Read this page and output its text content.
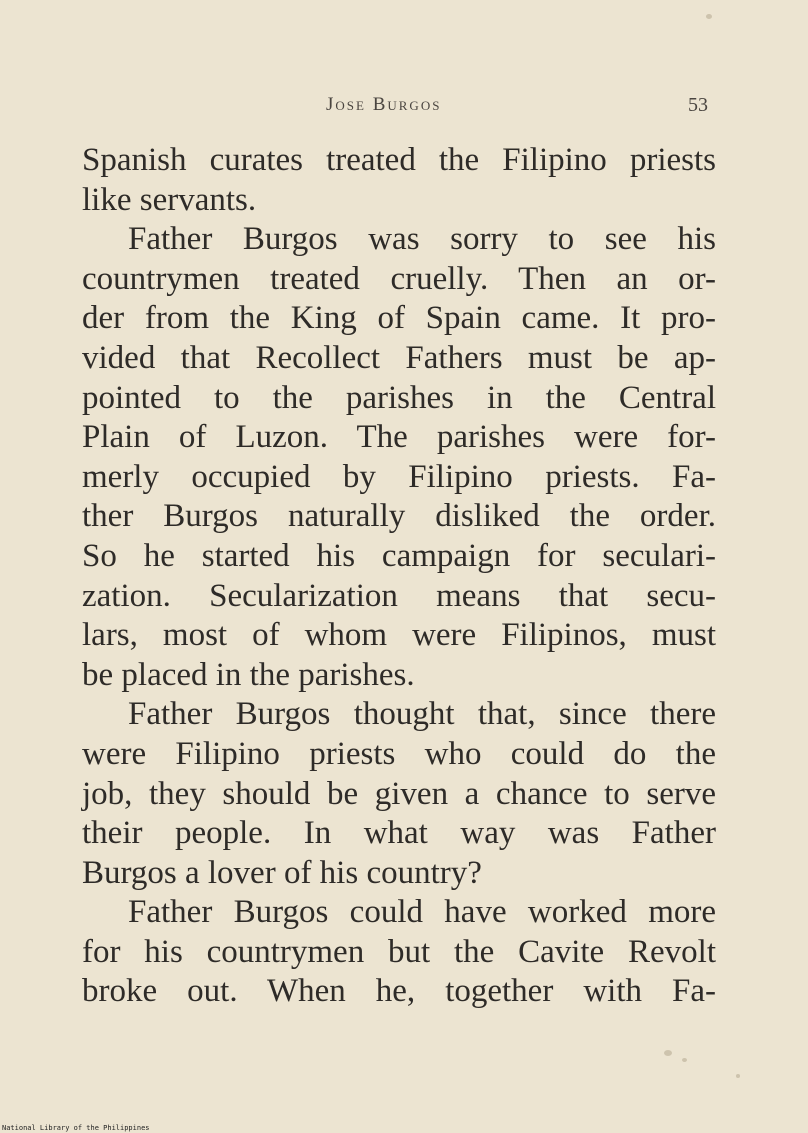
Jose Burgos	53
Spanish curates treated the Filipino priests
like servants.
Father Burgos was sorry to see his
countrymen treated cruelly. Then an or-
der from the King of Spain came. It pro-
vided that Recollect Fathers must be ap-
pointed to the parishes in the Central
Plain of Luzon. The parishes were for-
merly occupied by Filipino priests. Fa-
ther Burgos naturally disliked the order.
So he started his campaign for seculari-
zation. Secularization means that secu-
lars, most of whom were Filipinos, must
be placed in the parishes.
Father Burgos thought that, since there
were Filipino priests who could do the
job, they should be given a chance to serve
their people. In what way was Father
Burgos a lover of his country?
Father Burgos could have worked more
for his countrymen but the Cavite Revolt
broke out. When he, together with Fa-
National Library of the Philippines
